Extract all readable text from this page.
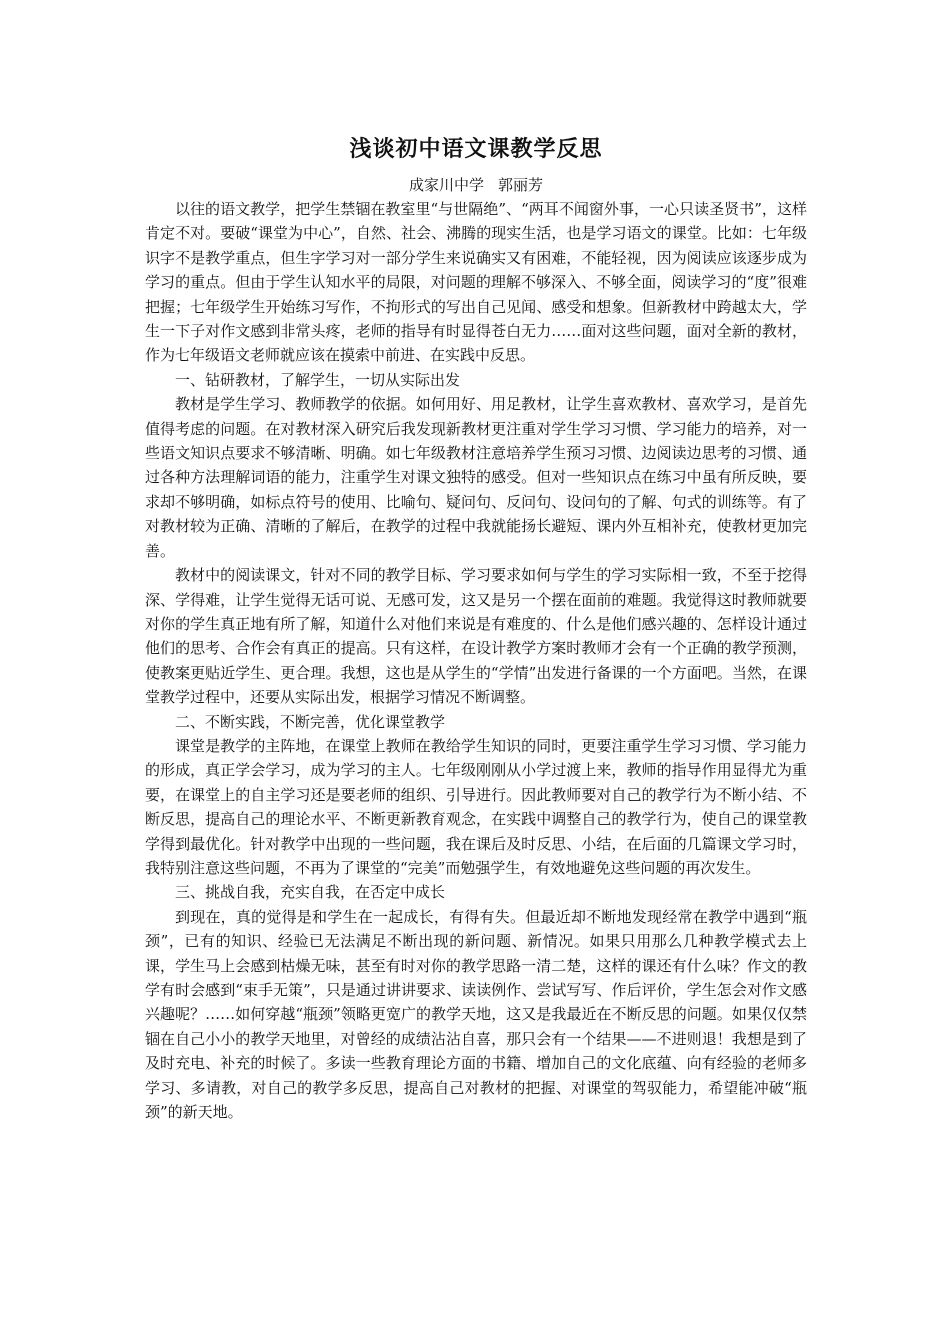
浅谈初中语文课教学反思

成家川中学 郭丽芳

以往的语文教学，把学生禁锢在教室里“与世隔绝”、“两耳不闻窗外事，一心只读圣贤书”，这样肯定不对。要破“课堂为中心”，自然、社会、沸腾的现实生活，也是学习语文的课堂。比如：七年级识字不是教学重点，但生字学习对一部分学生来说确实又有困难，不能轻视，因为阅读应该逐步成为学习的重点。但由于学生认知水平的局限，对问题的理解不够深入、不够全面，阅读学习的“度”很难把握；七年级学生开始练习写作，不拘形式的写出自己见闻、感受和想象。但新教材中跨越太大，学生一下子对作文感到非常头疼，老师的指导有时显得苍白无力……面对这些问题，面对全新的教材，作为七年级语文老师就应该在摸索中前进、在实践中反思。

一、钻研教材，了解学生，一切从实际出发

教材是学生学习、教师教学的依据。如何用好、用足教材，让学生喜欢教材、喜欢学习，是首先值得考虑的问题。在对教材深入研究后我发现新教材更注重对学生学习习惯、学习能力的培养，对一些语文知识点要求不够清晰、明确。如七年级教材注意培养学生预习习惯、边阅读边思考的习惯、通过各种方法理解词语的能力，注重学生对课文独特的感受。但对一些知识点在练习中虽有所反映，要求却不够明确，如标点符号的使用、比喻句、疑问句、反问句、设问句的了解、句式的训练等。有了对教材较为正确、清晰的了解后，在教学的过程中我就能扬长避短、课内外互相补充，使教材更加完善。

教材中的阅读课文，针对不同的教学目标、学习要求如何与学生的学习实际相一致，不至于挖得深、学得难，让学生觉得无话可说、无感可发，这又是另一个摆在面前的难题。我觉得这时教师就要对你的学生真正地有所了解，知道什么对他们来说是有难度的、什么是他们感兴趣的、怎样设计通过他们的思考、合作会有真正的提高。只有这样，在设计教学方案时教师才会有一个正确的教学预测，使教案更贴近学生、更合理。我想，这也是从学生的“学情”出发进行备课的一个方面吧。当然，在课堂教学过程中，还要从实际出发，根据学习情况不断调整。

二、不断实践，不断完善，优化课堂教学

课堂是教学的主阵地，在课堂上教师在教给学生知识的同时，更要注重学生学习习惯、学习能力的形成，真正学会学习，成为学习的主人。七年级刚刚从小学过渡上来，教师的指导作用显得尤为重要，在课堂上的自主学习还是要老师的组织、引导进行。因此教师要对自己的教学行为不断小结、不断反思，提高自己的理论水平、不断更新教育观念，在实践中调整自己的教学行为，使自己的课堂教学得到最优化。针对教学中出现的一些问题，我在课后及时反思、小结，在后面的几篇课文学习时，我特别注意这些问题，不再为了课堂的“完美”而勉强学生，有效地避免这些问题的再次发生。

三、挑战自我，充实自我，在否定中成长

到现在，真的觉得是和学生在一起成长，有得有失。但最近却不断地发现经常在教学中遇到“瓶颈”，已有的知识、经验已无法满足不断出现的新问题、新情况。如果只用那么几种教学模式去上课，学生马上会感到枯燥无味，甚至有时对你的教学思路一清二楚，这样的课还有什么味？作文的教学有时会感到“束手无策”，只是通过讲讲要求、读读例作、尝试写写、作后评价，学生怎会对作文感兴趣呢？……如何穿越“瓶颈”领略更宽广的教学天地，这又是我最近在不断反思的问题。如果仅仅禁锢在自己小小的教学天地里，对曾经的成绩沾沾自喜，那只会有一个结果——不进则退！我想是到了及时充电、补充的时候了。多读一些教育理论方面的书籍、增加自己的文化底蕴、向有经验的老师多学习、多请教，对自己的教学多反思，提高自己对教材的把握、对课堂的驾驭能力，希望能冲破“瓶颈”的新天地。
